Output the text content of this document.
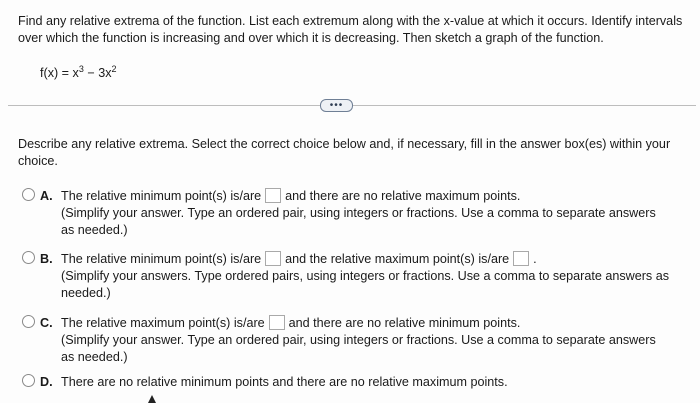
Find any relative extrema of the function. List each extremum along with the x-value at which it occurs. Identify intervals over which the function is increasing and over which it is decreasing. Then sketch a graph of the function.
$f(x) = x^3 - 3x^2$
•••
Describe any relative extrema. Select the correct choice below and, if necessary, fill in the answer box(es) within your choice.
A. The relative minimum point(s) is/are and there are no relative maximum points.
(Simplify your answer. Type an ordered pair, using integers or fractions. Use a comma to separate answers as needed.)
B. The relative minimum point(s) is/are and the relative maximum point(s) is/are .
(Simplify your answers. Type ordered pairs, using integers or fractions. Use a comma to separate answers as needed.)
C. The relative maximum point(s) is/are and there are no relative minimum points.
(Simplify your answer. Type an ordered pair, using integers or fractions. Use a comma to separate answers as needed.)
D. There are no relative minimum points and there are no relative maximum points.
